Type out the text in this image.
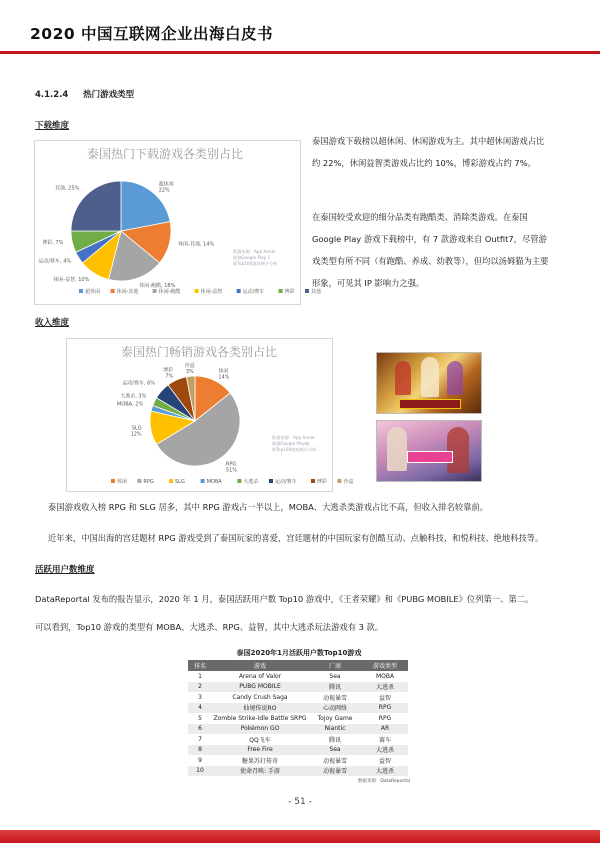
2020 中国互联网企业出海白皮书
4.1.2.4 热门游戏类型
下载维度
泰国热门下载游戏各类别占比
超休闲 22%
休闲-其他, 14%
休闲-跑酷, 18%
休闲-益智, 10%
运动/赛车, 4%
博彩, 7%
其他, 25%
超休闲	休闲-其他	休闲-跑酷	休闲-益智	运动/赛车	博彩	其他
数据来源：App Annie 根据Google Play下载Top100游戏统计分析
泰国游戏下载榜以超休闲、休闲游戏为主。其中超休闲游戏占比约 22%，休闲益智类游戏占比约 10%，博彩游戏占约 7%。
在泰国较受欢迎的细分品类有跑酷类、消除类游戏。在泰国 Google Play 游戏下载榜中，有 7 款游戏来自 Outfit7，尽管游戏类型有所不同（有跑酷、养成、幼教等），但均以汤姆猫为主要形象，可见其 IP 影响力之强。
收入维度
泰国热门畅销游戏各类别占比
休闲 14%
RPG 51%
SLG 12%
MOBA, 2%
大逃杀, 3%
运动/赛车, 6%
博彩 7%
沙盒 3%
休闲	RPG	SLG	MOBA	大逃杀	运动/赛车	博彩	沙盒
数据来源：App Annie 根据Google Play畅销Top100游戏统计分析
泰国游戏收入榜 RPG 和 SLG 居多，其中 RPG 游戏占一半以上，MOBA、大逃杀类游戏占比不高，但收入排名较靠前。
近年来，中国出海的宫廷题材 RPG 游戏受到了泰国玩家的喜爱，宫廷题材的中国玩家有创酷互动、点触科技、和悦科技、绝地科技等。
活跃用户数维度
DataReportal 发布的报告显示，2020 年 1 月，泰国活跃用户数 Top10 游戏中，《王者荣耀》和《PUBG MOBILE》位列第一、第二。
可以看到，Top10 游戏的类型有 MOBA、大逃杀、RPG、益智，其中大逃杀玩法游戏有 3 款。
泰国2020年1月活跃用户数Top10游戏
排名	游戏	厂商	游戏类型
1	Arena of Valor	Sea	MOBA
2	PUBG MOBILE	腾讯	大逃杀
3	Candy Crush Saga	动视暴雪	益智
4	仙境传说RO	心动网络	RPG
5	Zombie Strike-Idle Battle SRPG	Tojoy Game	RPG
6	Pokémon GO	Niantic	AR
7	QQ飞车	腾讯	赛车
8	Free Fire	Sea	大逃杀
9	糖果苏打传奇	动视暴雪	益智
10	使命召唤: 手游	动视暴雪	大逃杀
数据来源：DataReportal
- 51 -
